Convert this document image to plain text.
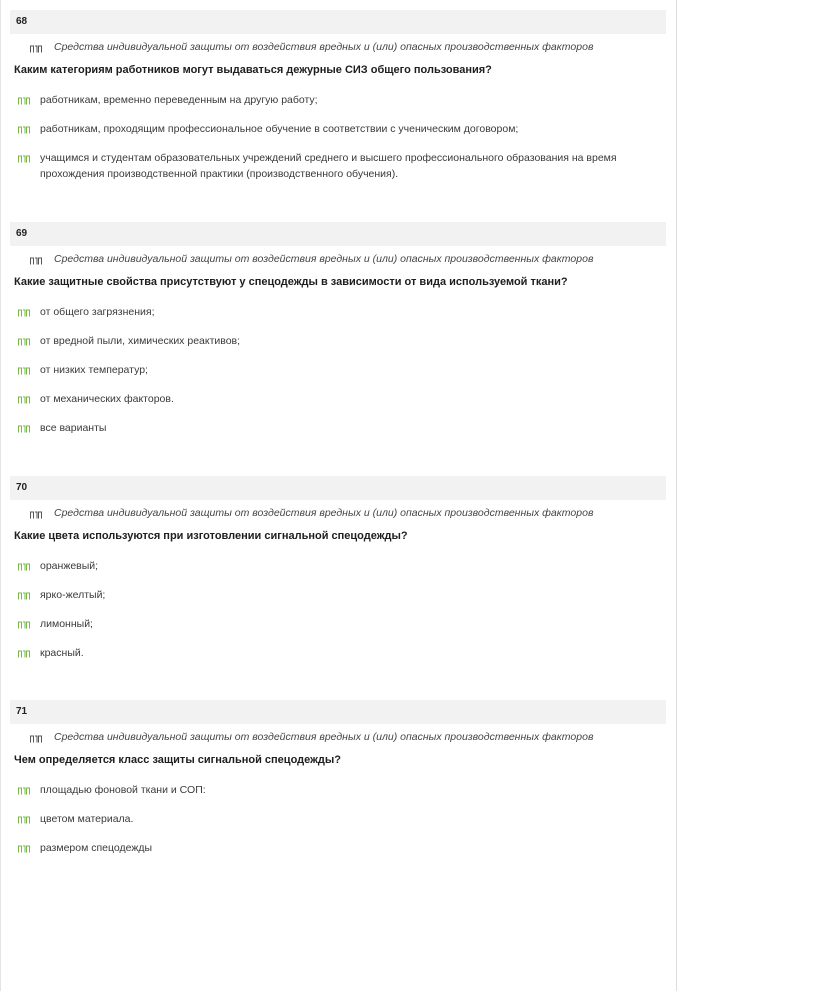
68
Средства индивидуальной защиты от воздействия вредных и (или) опасных производственных факторов
Каким категориям работников могут выдаваться дежурные СИЗ общего пользования?
работникам, временно переведенным на другую работу;
работникам, проходящим профессиональное обучение в соответствии с ученическим договором;
учащимся и студентам образовательных учреждений среднего и высшего профессионального образования на время прохождения производственной практики (производственного обучения).
69
Средства индивидуальной защиты от воздействия вредных и (или) опасных производственных факторов
Какие защитные свойства присутствуют у спецодежды в зависимости от вида используемой ткани?
от общего загрязнения;
от вредной пыли, химических реактивов;
от низких температур;
от механических факторов.
все варианты
70
Средства индивидуальной защиты от воздействия вредных и (или) опасных производственных факторов
Какие цвета используются при изготовлении сигнальной спецодежды?
оранжевый;
ярко-желтый;
лимонный;
красный.
71
Средства индивидуальной защиты от воздействия вредных и (или) опасных производственных факторов
Чем определяется класс защиты сигнальной спецодежды?
площадью фоновой ткани и СОП:
цветом материала.
размером спецодежды
